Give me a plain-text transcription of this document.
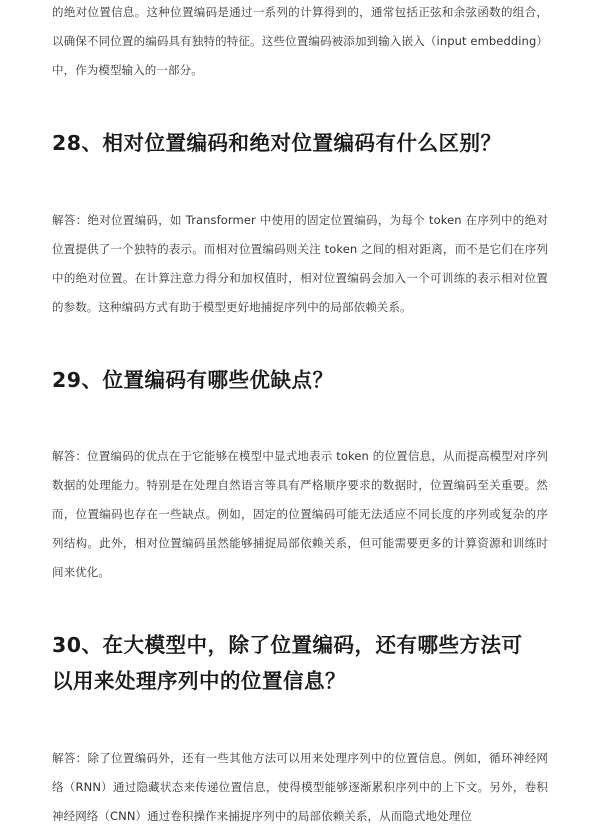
的绝对位置信息。这种位置编码是通过一系列的计算得到的，通常包括正弦和余弦函数的组合，以确保不同位置的编码具有独特的特征。这些位置编码被添加到输入嵌入（input embedding）中，作为模型输入的一部分。
28、相对位置编码和绝对位置编码有什么区别？
解答：绝对位置编码，如 Transformer 中使用的固定位置编码，为每个 token 在序列中的绝对位置提供了一个独特的表示。而相对位置编码则关注 token 之间的相对距离，而不是它们在序列中的绝对位置。在计算注意力得分和加权值时，相对位置编码会加入一个可训练的表示相对位置的参数。这种编码方式有助于模型更好地捕捉序列中的局部依赖关系。
29、位置编码有哪些优缺点？
解答：位置编码的优点在于它能够在模型中显式地表示 token 的位置信息，从而提高模型对序列数据的处理能力。特别是在处理自然语言等具有严格顺序要求的数据时，位置编码至关重要。然而，位置编码也存在一些缺点。例如，固定的位置编码可能无法适应不同长度的序列或复杂的序列结构。此外，相对位置编码虽然能够捕捉局部依赖关系，但可能需要更多的计算资源和训练时间来优化。
30、在大模型中，除了位置编码，还有哪些方法可
以用来处理序列中的位置信息？
解答：除了位置编码外，还有一些其他方法可以用来处理序列中的位置信息。例如，循环神经网络（RNN）通过隐藏状态来传递位置信息，使得模型能够逐渐累积序列中的上下文。另外，卷积神经网络（CNN）通过卷积操作来捕捉序列中的局部依赖关系，从而隐式地处理位
